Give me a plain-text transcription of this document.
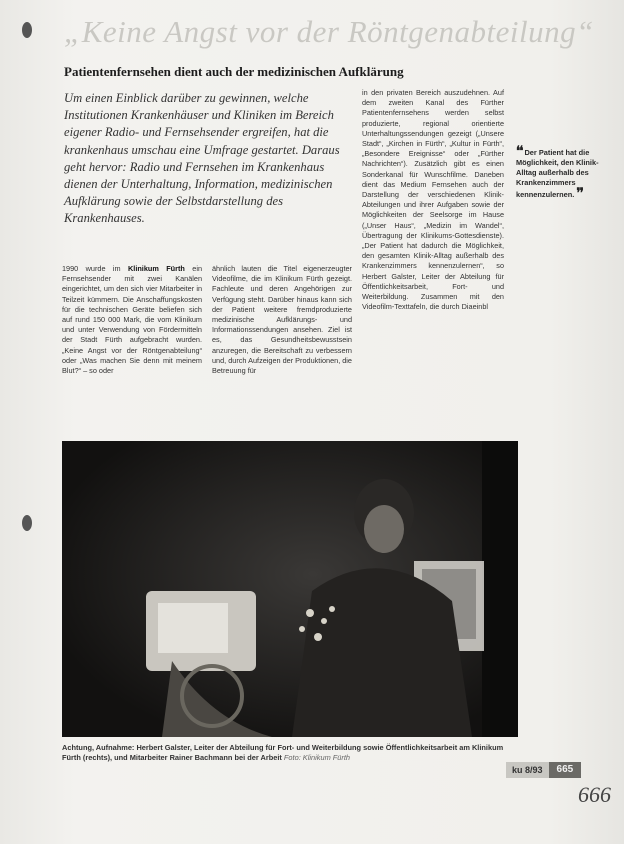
„Keine Angst vor der Röntgenabteilung“
Patientenfernsehen dient auch der medizinischen Aufklärung
Um einen Einblick darüber zu gewinnen, welche Institutionen Krankenhäuser und Kliniken im Bereich eigener Radio- und Fernsehsender ergreifen, hat die krankenhaus umschau eine Umfrage gestartet. Daraus geht hervor: Radio und Fernsehen im Krankenhaus dienen der Unterhaltung, Information, medizinischen Aufklärung sowie der Selbstdarstellung des Krankenhauses.
1990 wurde im Klinikum Fürth ein Fernsehsender mit zwei Kanälen eingerichtet, um den sich vier Mitarbeiter in Teilzeit kümmern. Die Anschaffungskosten für die technischen Geräte beliefen sich auf rund 150 000 Mark, die vom Klinikum und unter Verwendung von Fördermitteln der Stadt Fürth aufgebracht wurden. „Keine Angst vor der Röntgenabteilung“ oder „Was machen Sie denn mit meinem Blut?“ – so oder
ähnlich lauten die Titel eigenerzeugter Videofilme, die im Klinikum Fürth gezeigt. Fachleute und deren Angehörigen zur Verfügung steht. Darüber hinaus kann sich der Patient weitere fremdproduzierte medizinische Aufklärungs- und Informationssendungen ansehen. Ziel ist es, das Gesundheitsbewusstsein anzuregen, die Bereitschaft zu verbessern und, durch Aufzeigen der Produktionen, die Betreuung für
in den privaten Bereich auszudehnen. Auf dem zweiten Kanal des Fürther Patientenfernsehens werden selbst produzierte, regional orientierte Unterhaltungssendungen gezeigt („Unsere Stadt“, „Kirchen in Fürth“, „Kultur in Fürth“, „Besondere Ereignisse“ oder „Fürther Nachrichten“). Zusätzlich gibt es einen Sonderkanal für Wunschfilme. Daneben dient das Medium Fernsehen auch der Darstellung der verschiedenen Klinik-Abteilungen und ihrer Aufgaben sowie der Möglichkeiten der Seelsorge im Hause („Unser Haus“, „Medizin im Wandel“, Übertragung der Klinikums-Gottesdienste). „Der Patient hat dadurch die Möglichkeit, den gesamten Klinik-Alltag außerhalb des Krankenzimmers kennenzulernen“, so Herbert Galster, Leiter der Abteilung für Öffentlichkeitsarbeit, Fort- und Weiterbildung. Zusammen mit den Videofilm-Texttafeln, die durch Diaeinbl
❛❛ Der Patient hat die Möglichkeit, den Klinik-Alltag außerhalb des Krankenzimmers kennenzulernen. ❜❜
Achtung, Aufnahme: Herbert Galster, Leiter der Abteilung für Fort- und Weiterbildung sowie Öffentlichkeitsarbeit am Klinikum Fürth (rechts), und Mitarbeiter Rainer Bachmann bei der Arbeit Foto: Klinikum Fürth
ku 8/93	665
666
